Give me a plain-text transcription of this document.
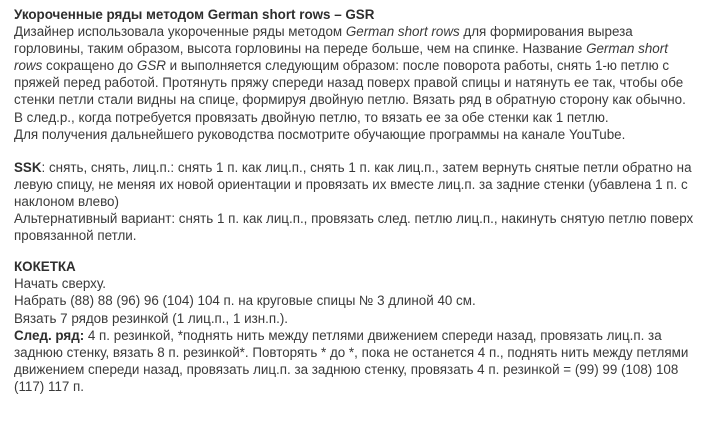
Укороченные ряды методом German short rows – GSR

Дизайнер использовала укороченные ряды методом German short rows для формирования выреза горловины, таким образом, высота горловины на переде больше, чем на спинке. Название German short rows сокращено до GSR и выполняется следующим образом: после поворота работы, снять 1-ю петлю с пряжей перед работой. Протянуть пряжу спереди назад поверх правой спицы и натянуть ее так, чтобы обе стенки петли стали видны на спице, формируя двойную петлю. Вязать ряд в обратную сторону как обычно. В след.р., когда потребуется провязать двойную петлю, то вязать ее за обе стенки как 1 петлю.

Для получения дальнейшего руководства посмотрите обучающие программы на канале YouTube.

SSK: снять, снять, лиц.п.: снять 1 п. как лиц.п., снять 1 п. как лиц.п., затем вернуть снятые петли обратно на левую спицу, не меняя их новой ориентации и провязать их вместе лиц.п. за задние стенки (убавлена 1 п. с наклоном влево)

Альтернативный вариант: снять 1 п. как лиц.п., провязать след. петлю лиц.п., накинуть снятую петлю поверх провязанной петли.

КОКЕТКА

Начать сверху.

Набрать (88) 88 (96) 96 (104) 104 п. на круговые спицы № 3 длиной 40 см.

Вязать 7 рядов резинкой (1 лиц.п., 1 изн.п.).

След. ряд: 4 п. резинкой, *поднять нить между петлями движением спереди назад, провязать лиц.п. за заднюю стенку, вязать 8 п. резинкой*. Повторять * до *, пока не останется 4 п., поднять нить между петлями движением спереди назад, провязать лиц.п. за заднюю стенку, провязать 4 п. резинкой = (99) 99 (108) 108 (117) 117 п.
